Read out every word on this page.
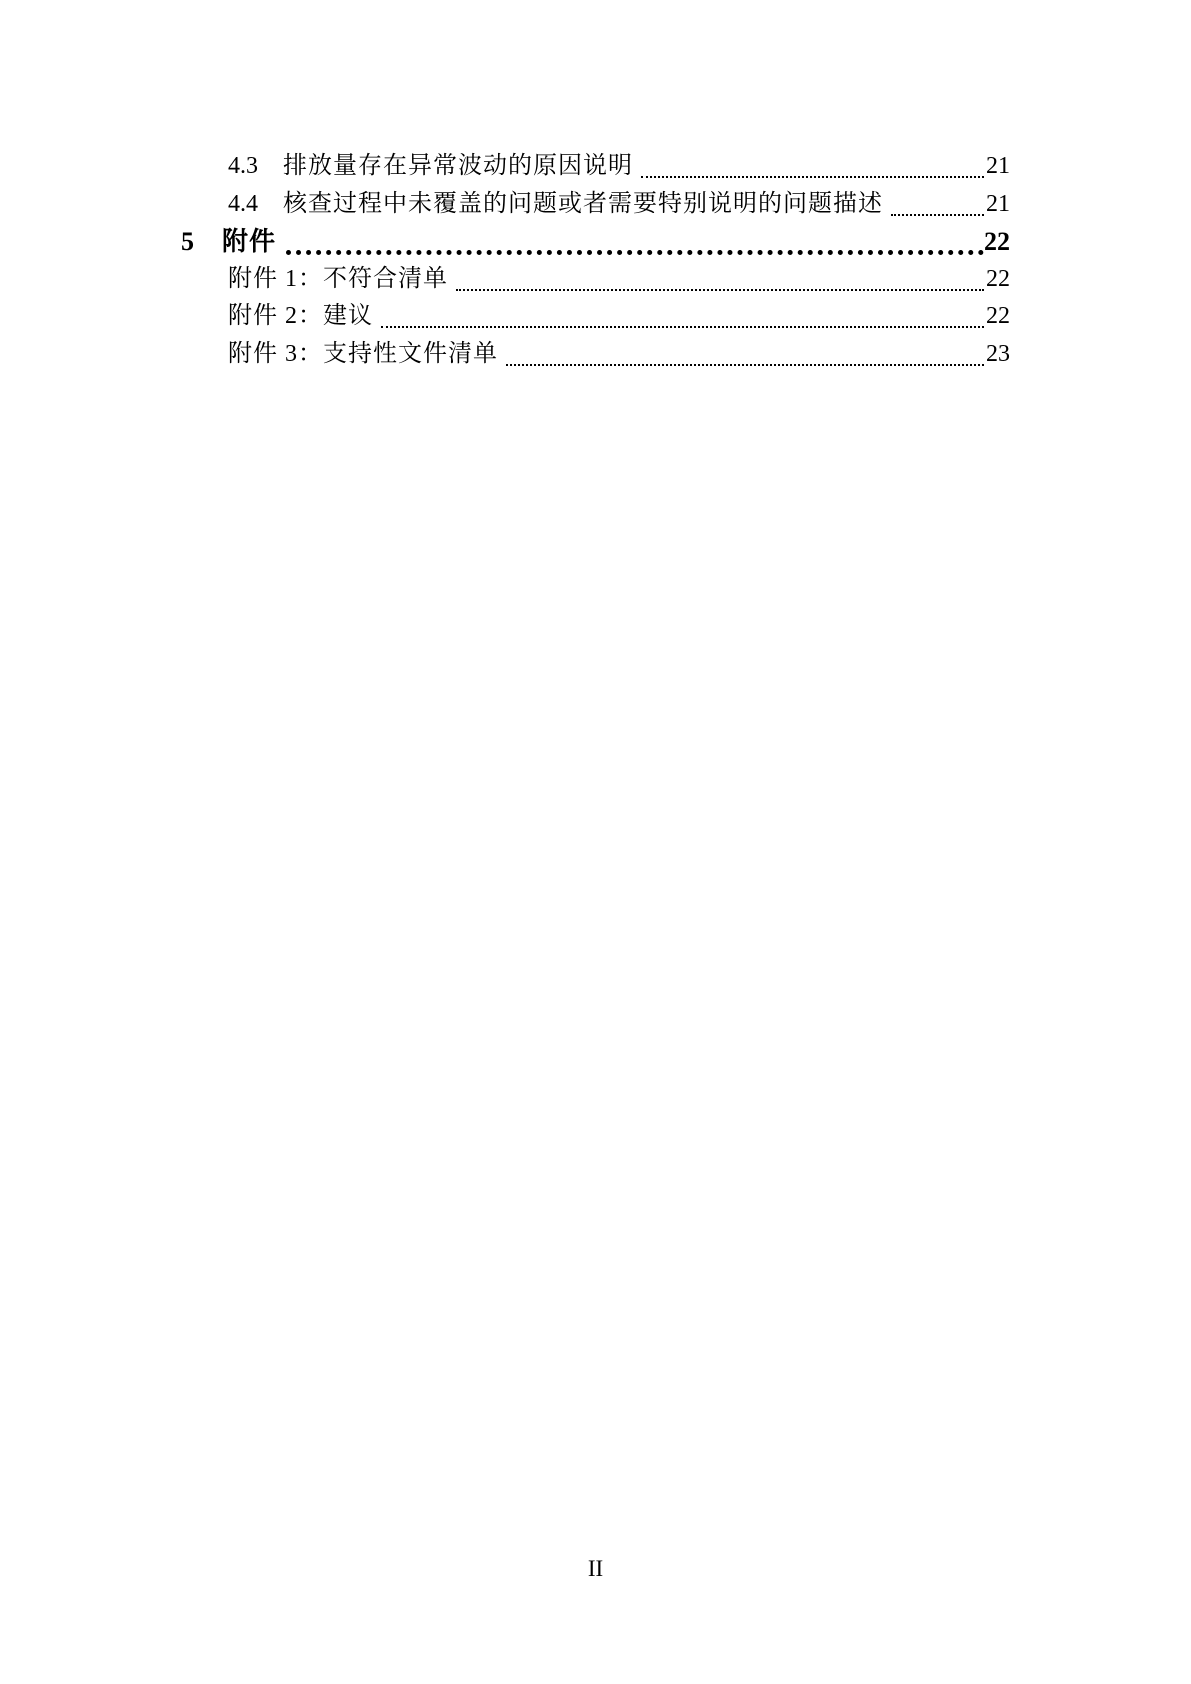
4.3	排放量存在异常波动的原因说明	21
4.4	核查过程中未覆盖的问题或者需要特别说明的问题描述	21
5	附件	22
附件 1：不符合清单	22
附件 2：建议	22
附件 3：支持性文件清单	23
II
